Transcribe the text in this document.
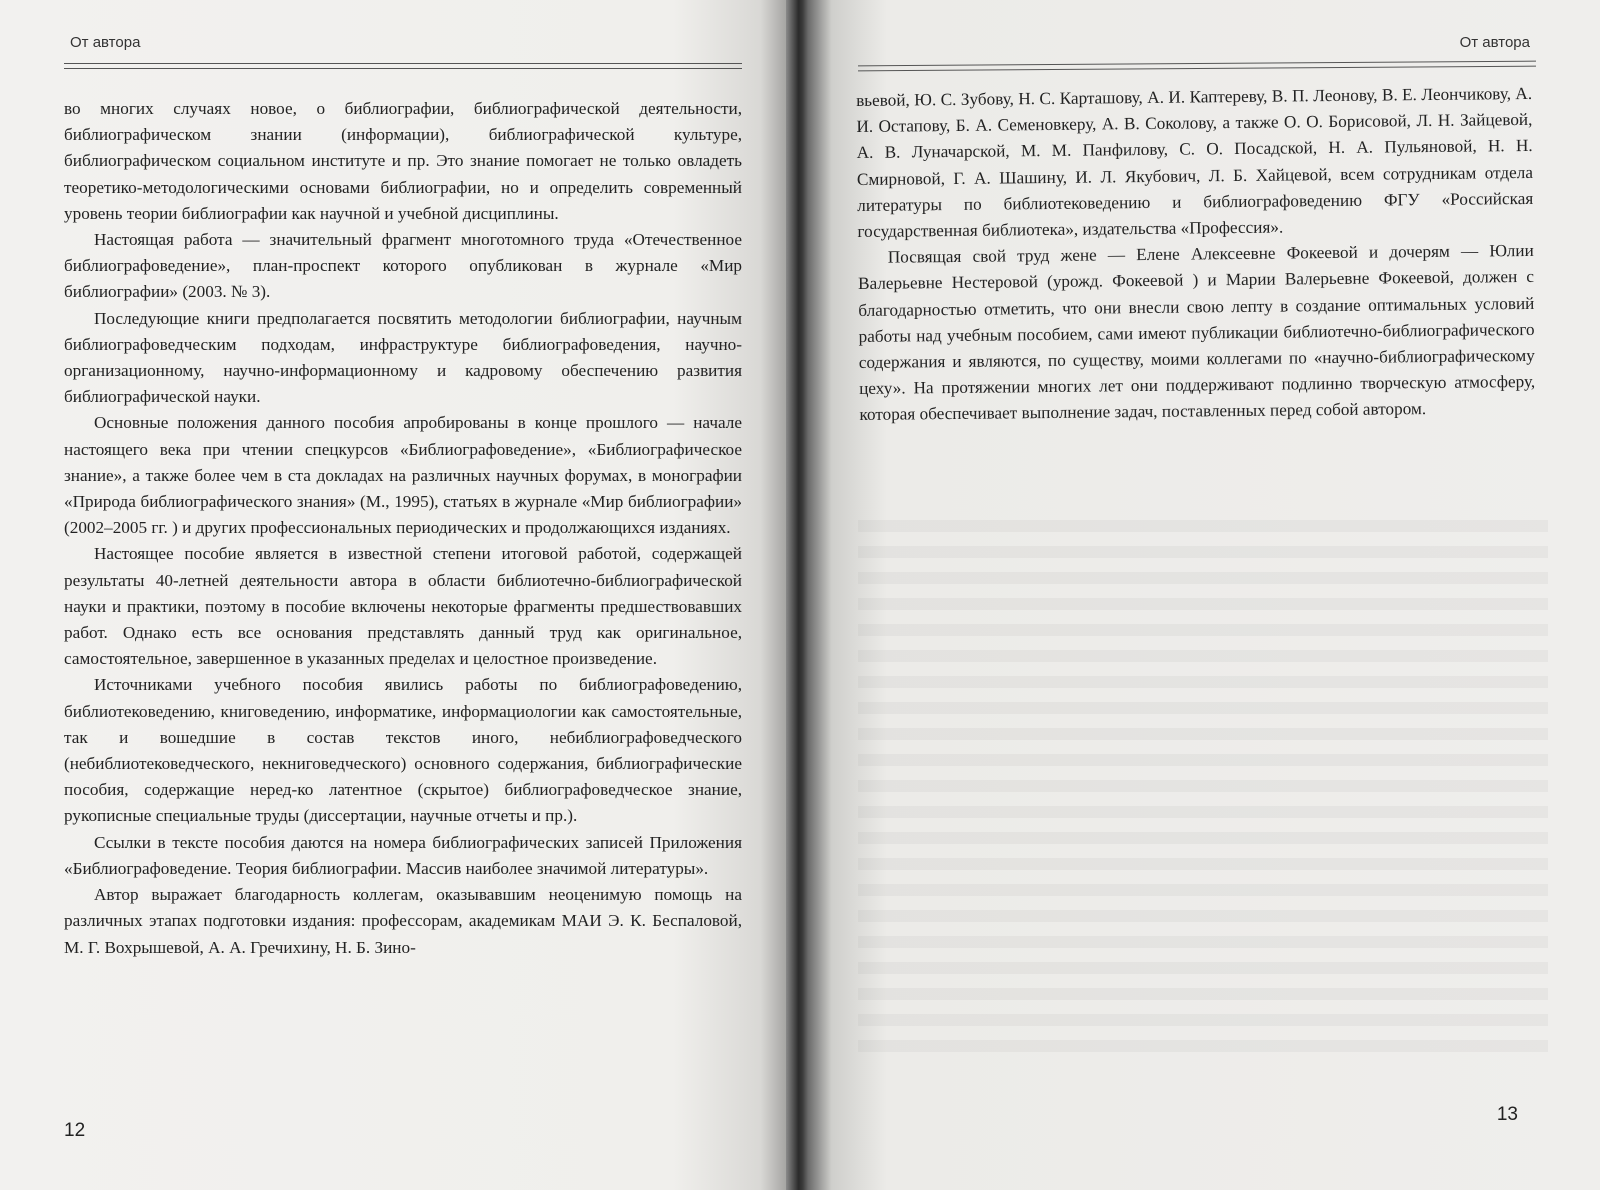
От автора

во многих случаях новое, о библиографии, библиографической деятельности, библиографическом знании (информации), библиографической культуре, библиографическом социальном институте и пр. Это знание помогает не только овладеть теоретико-методологическими основами библиографии, но и определить современный уровень теории библиографии как научной и учебной дисциплины.

Настоящая работа — значительный фрагмент многотомного труда «Отечественное библиографоведение», план-проспект которого опубликован в журнале «Мир библиографии» (2003. № 3).

Последующие книги предполагается посвятить методологии библиографии, научным библиографоведческим подходам, инфраструктуре библиографоведения, научно-организационному, научно-информационному и кадровому обеспечению развития библиографической науки.

Основные положения данного пособия апробированы в конце прошлого — начале настоящего века при чтении спецкурсов «Библиографоведение», «Библиографическое знание», а также более чем в ста докладах на различных научных форумах, в монографии «Природа библиографического знания» (М., 1995), статьях в журнале «Мир библиографии» (2002–2005 гг. ) и других профессиональных периодических и продолжающихся изданиях.

Настоящее пособие является в известной степени итоговой работой, содержащей результаты 40-летней деятельности автора в области библиотечно-библиографической науки и практики, поэтому в пособие включены некоторые фрагменты предшествовавших работ. Однако есть все основания представлять данный труд как оригинальное, самостоятельное, завершенное в указанных пределах и целостное произведение.

Источниками учебного пособия явились работы по библиографоведению, библиотековедению, книговедению, информатике, информациологии как самостоятельные, так и вошедшие в состав текстов иного, небиблиографоведческого (небиблиотековедческого, некниговедческого) основного содержания, библиографические пособия, содержащие неред-ко латентное (скрытое) библиографоведческое знание, рукописные специальные труды (диссертации, научные отчеты и пр.).

Ссылки в тексте пособия даются на номера библиографических записей Приложения «Библиографоведение. Теория библиографии. Массив наиболее значимой литературы».

Автор выражает благодарность коллегам, оказывавшим неоценимую помощь на различных этапах подготовки издания: профессорам, академикам МАИ Э. К. Беспаловой, М. Г. Вохрышевой, А. А. Гречихину, Н. Б. Зино-

12
От автора

вьевой, Ю. С. Зубову, Н. С. Карташову, А. И. Каптереву, В. П. Леонову, В. Е. Леончикову, А. И. Остапову, Б. А. Семеновкеру, А. В. Соколову, а также О. О. Борисовой, Л. Н. Зайцевой, А. В. Луначарской, М. М. Панфилову, С. О. Посадской, Н. А. Пульяновой, Н. Н. Смирновой, Г. А. Шашину, И. Л. Якубович, Л. Б. Хайцевой, всем сотрудникам отдела литературы по библиотековедению и библиографоведению ФГУ «Российская государственная библиотека», издательства «Профессия».

Посвящая свой труд жене — Елене Алексеевне Фокеевой и дочерям — Юлии Валерьевне Нестеровой (урожд. Фокеевой ) и Марии Валерьевне Фокеевой, должен с благодарностью отметить, что они внесли свою лепту в создание оптимальных условий работы над учебным пособием, сами имеют публикации библиотечно-библиографического содержания и являются, по существу, моими коллегами по «научно-библиографическому цеху». На протяжении многих лет они поддерживают подлинно творческую атмосферу, которая обеспечивает выполнение задач, поставленных перед собой автором.

13
